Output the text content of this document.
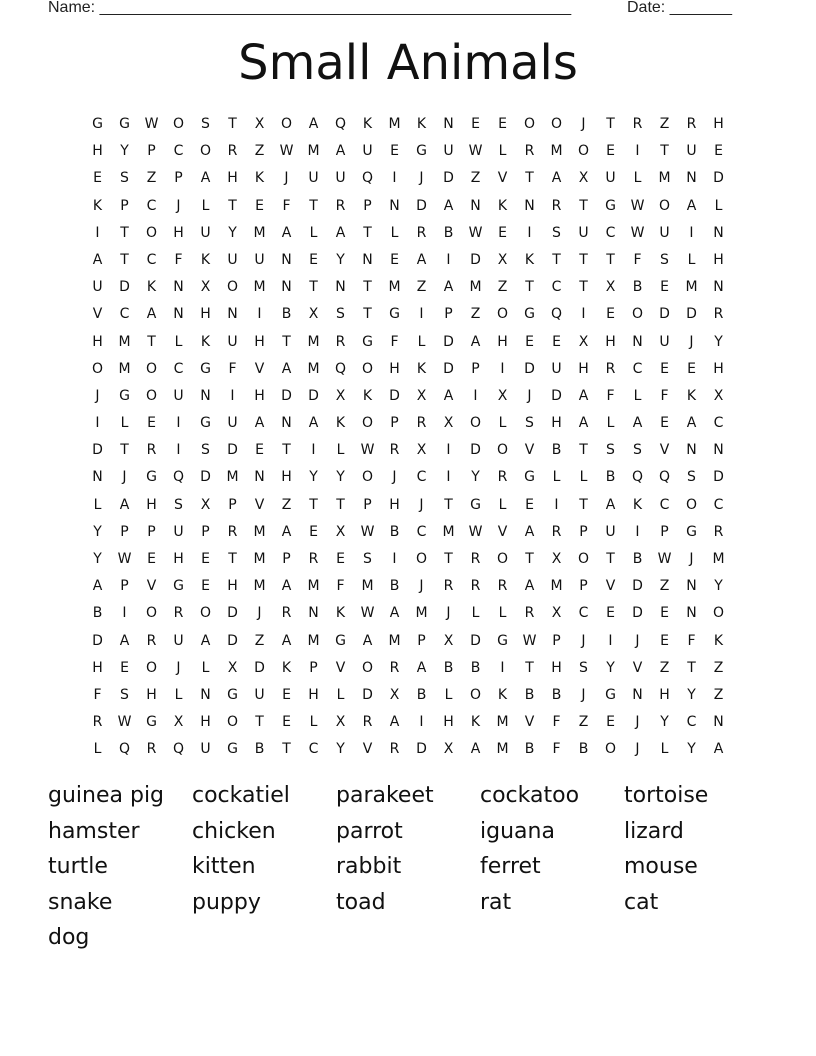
Name: _____________________________________________________	Date: _______
Small Animals
G	G	W	O	S	T	X	O	A	Q	K	M	K	N	E	E	O	O	J	T	R	Z	R	H
H	Y	P	C	O	R	Z	W	M	A	U	E	G	U	W	L	R	M	O	E	I	T	U	E
E	S	Z	P	A	H	K	J	U	U	Q	I	J	D	Z	V	T	A	X	U	L	M	N	D
K	P	C	J	L	T	E	F	T	R	P	N	D	A	N	K	N	R	T	G	W	O	A	L
I	T	O	H	U	Y	M	A	L	A	T	L	R	B	W	E	I	S	U	C	W	U	I	N
A	T	C	F	K	U	U	N	E	Y	N	E	A	I	D	X	K	T	T	T	F	S	L	H
U	D	K	N	X	O	M	N	T	N	T	M	Z	A	M	Z	T	C	T	X	B	E	M	N
V	C	A	N	H	N	I	B	X	S	T	G	I	P	Z	O	G	Q	I	E	O	D	D	R
H	M	T	L	K	U	H	T	M	R	G	F	L	D	A	H	E	E	X	H	N	U	J	Y
O	M	O	C	G	F	V	A	M	Q	O	H	K	D	P	I	D	U	H	R	C	E	E	H
J	G	O	U	N	I	H	D	D	X	K	D	X	A	I	X	J	D	A	F	L	F	K	X
I	L	E	I	G	U	A	N	A	K	O	P	R	X	O	L	S	H	A	L	A	E	A	C
D	T	R	I	S	D	E	T	I	L	W	R	X	I	D	O	V	B	T	S	S	V	N	N
N	J	G	Q	D	M	N	H	Y	Y	O	J	C	I	Y	R	G	L	L	B	Q	Q	S	D
L	A	H	S	X	P	V	Z	T	T	P	H	J	T	G	L	E	I	T	A	K	C	O	C
Y	P	P	U	P	R	M	A	E	X	W	B	C	M	W	V	A	R	P	U	I	P	G	R
Y	W	E	H	E	T	M	P	R	E	S	I	O	T	R	O	T	X	O	T	B	W	J	M
A	P	V	G	E	H	M	A	M	F	M	B	J	R	R	R	A	M	P	V	D	Z	N	Y
B	I	O	R	O	D	J	R	N	K	W	A	M	J	L	L	R	X	C	E	D	E	N	O
D	A	R	U	A	D	Z	A	M	G	A	M	P	X	D	G	W	P	J	I	J	E	F	K
H	E	O	J	L	X	D	K	P	V	O	R	A	B	B	I	T	H	S	Y	V	Z	T	Z
F	S	H	L	N	G	U	E	H	L	D	X	B	L	O	K	B	B	J	G	N	H	Y	Z
R	W	G	X	H	O	T	E	L	X	R	A	I	H	K	M	V	F	Z	E	J	Y	C	N
L	Q	R	Q	U	G	B	T	C	Y	V	R	D	X	A	M	B	F	B	O	J	L	Y	A
guinea pig	cockatiel	parakeet	cockatoo	tortoise
hamster	chicken	parrot	iguana	lizard
turtle	kitten	rabbit	ferret	mouse
snake	puppy	toad	rat	cat
dog
